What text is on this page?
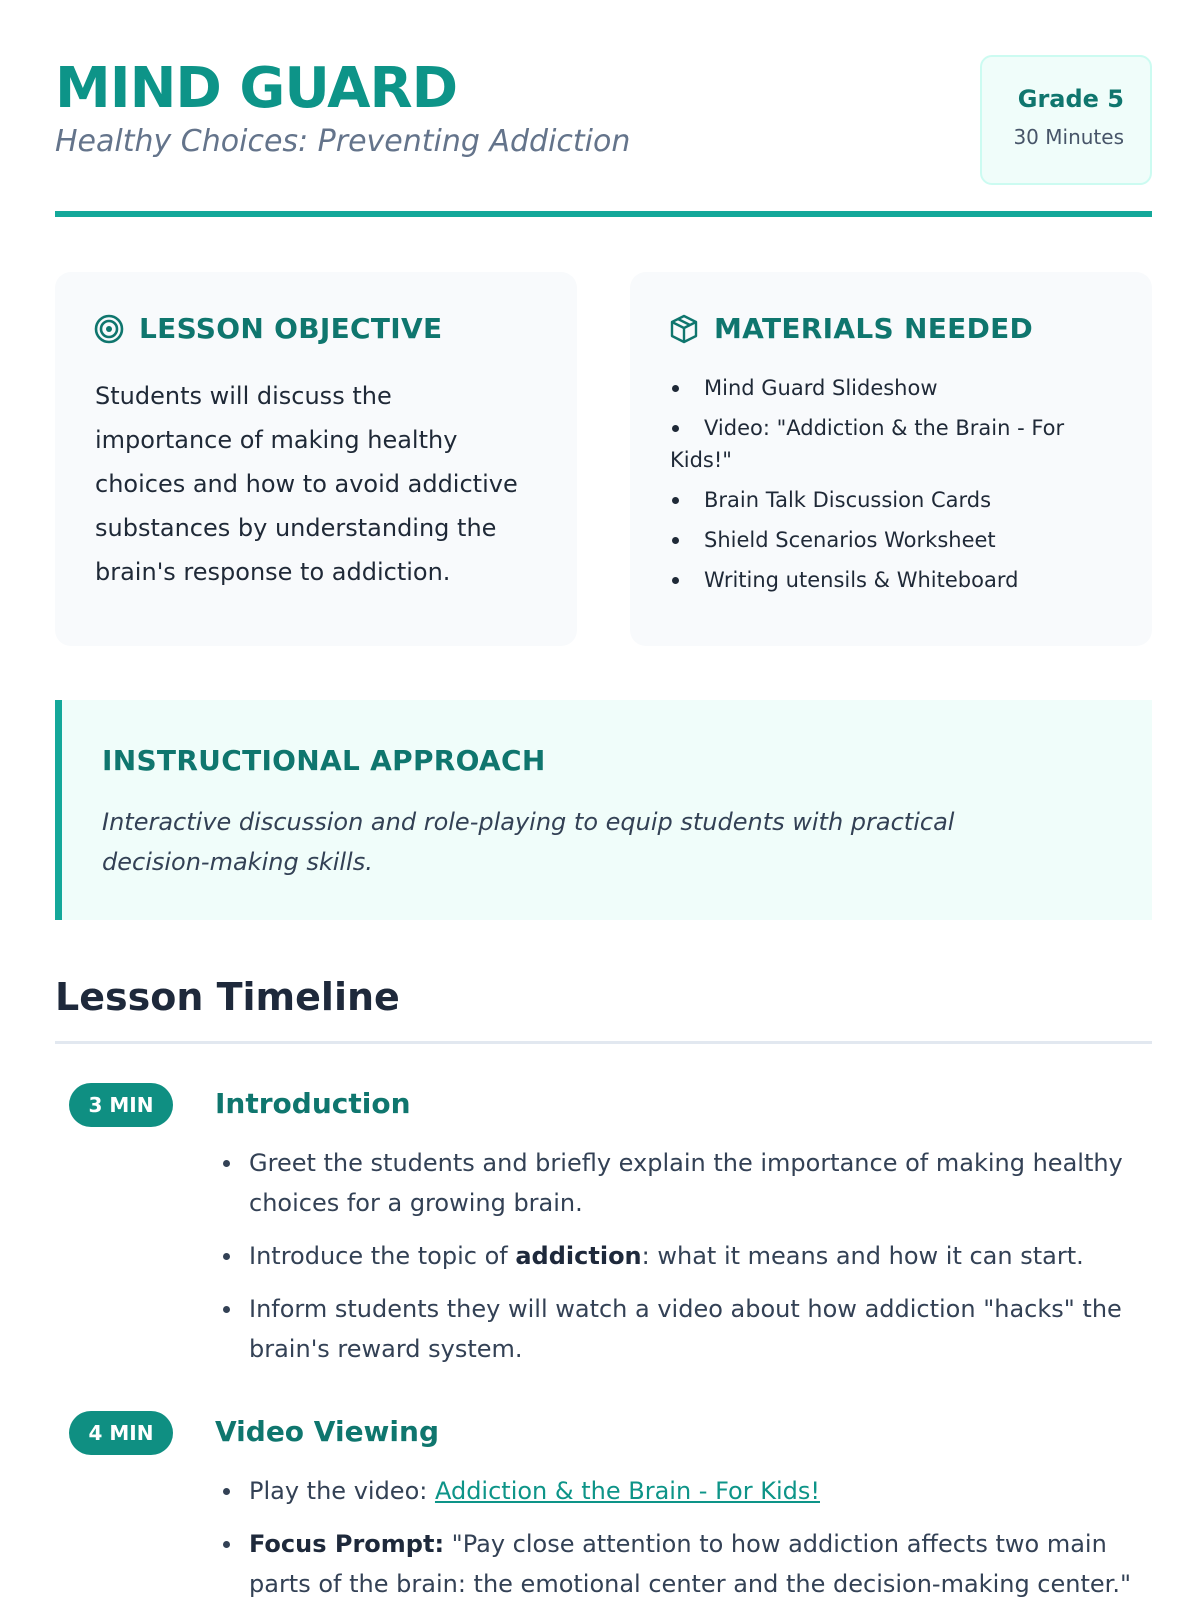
MIND GUARD
Healthy Choices: Preventing Addiction
Grade 5
30 Minutes
LESSON OBJECTIVE

Students will discuss the importance of making healthy choices and how to avoid addictive substances by understanding the brain's response to addiction.

MATERIALS NEEDED
Mind Guard Slideshow
Video: "Addiction & the Brain - For Kids!"
Brain Talk Discussion Cards
Shield Scenarios Worksheet
Writing utensils & Whiteboard
INSTRUCTIONAL APPROACH

Interactive discussion and role-playing to equip students with practical decision-making skills.

Lesson Timeline
3 MIN	Introduction
Greet the students and briefly explain the importance of making healthy choices for a growing brain.
Introduce the topic of addiction: what it means and how it can start.
Inform students they will watch a video about how addiction "hacks" the brain's reward system.
4 MIN	Video Viewing
Play the video: Addiction & the Brain - For Kids!
Focus Prompt: "Pay close attention to how addiction affects two main parts of the brain: the emotional center and the decision-making center."
